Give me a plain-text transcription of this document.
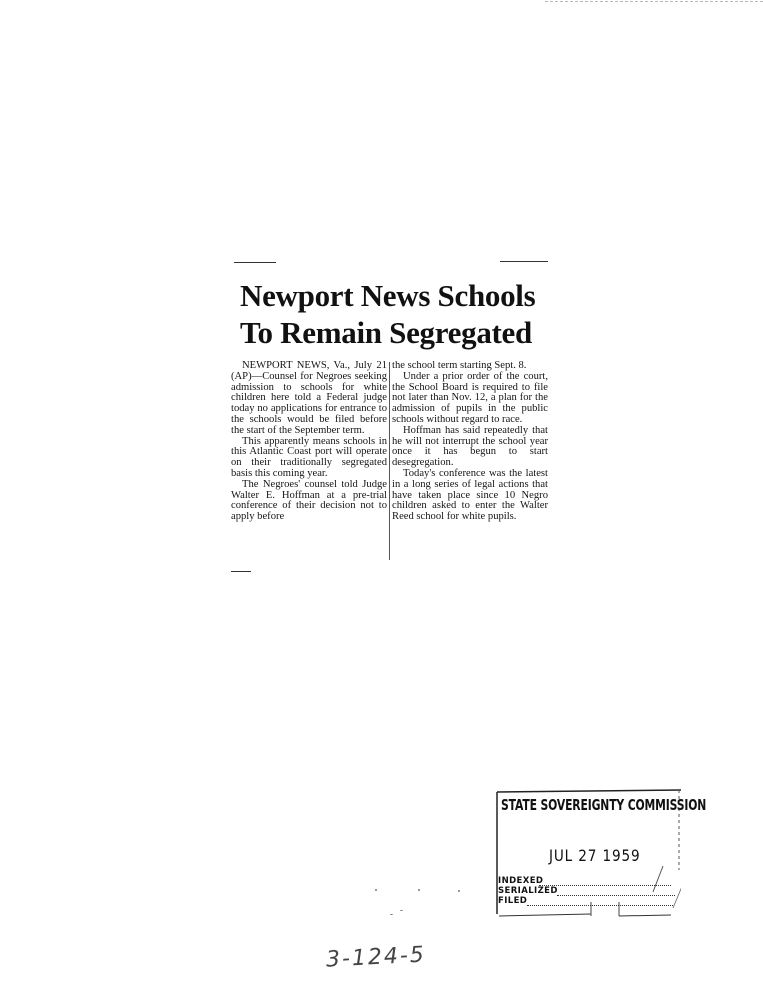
Newport News Schools
To Remain Segregated

NEWPORT NEWS, Va., July 21 (AP)—Counsel for Negroes seeking admission to schools for white children here told a Federal judge today no applications for entrance to the schools would be filed before the start of the September term.

This apparently means schools in this Atlantic Coast port will operate on their traditionally segregated basis this coming year.

The Negroes' counsel told Judge Walter E. Hoffman at a pre-trial conference of their decision not to apply before

the school term starting Sept. 8.

Under a prior order of the court, the School Board is required to file not later than Nov. 12, a plan for the admission of pupils in the public schools without regard to race.

Hoffman has said repeatedly that he will not interrupt the school year once it has begun to start desegregation.

Today's conference was the latest in a long series of legal actions that have taken place since 10 Negro children asked to enter the Walter Reed school for white pupils.

STATE SOVEREIGNTY COMMISSION
JUL 27 1959
INDEXED
SERIALIZED
FILED
3-124-5
